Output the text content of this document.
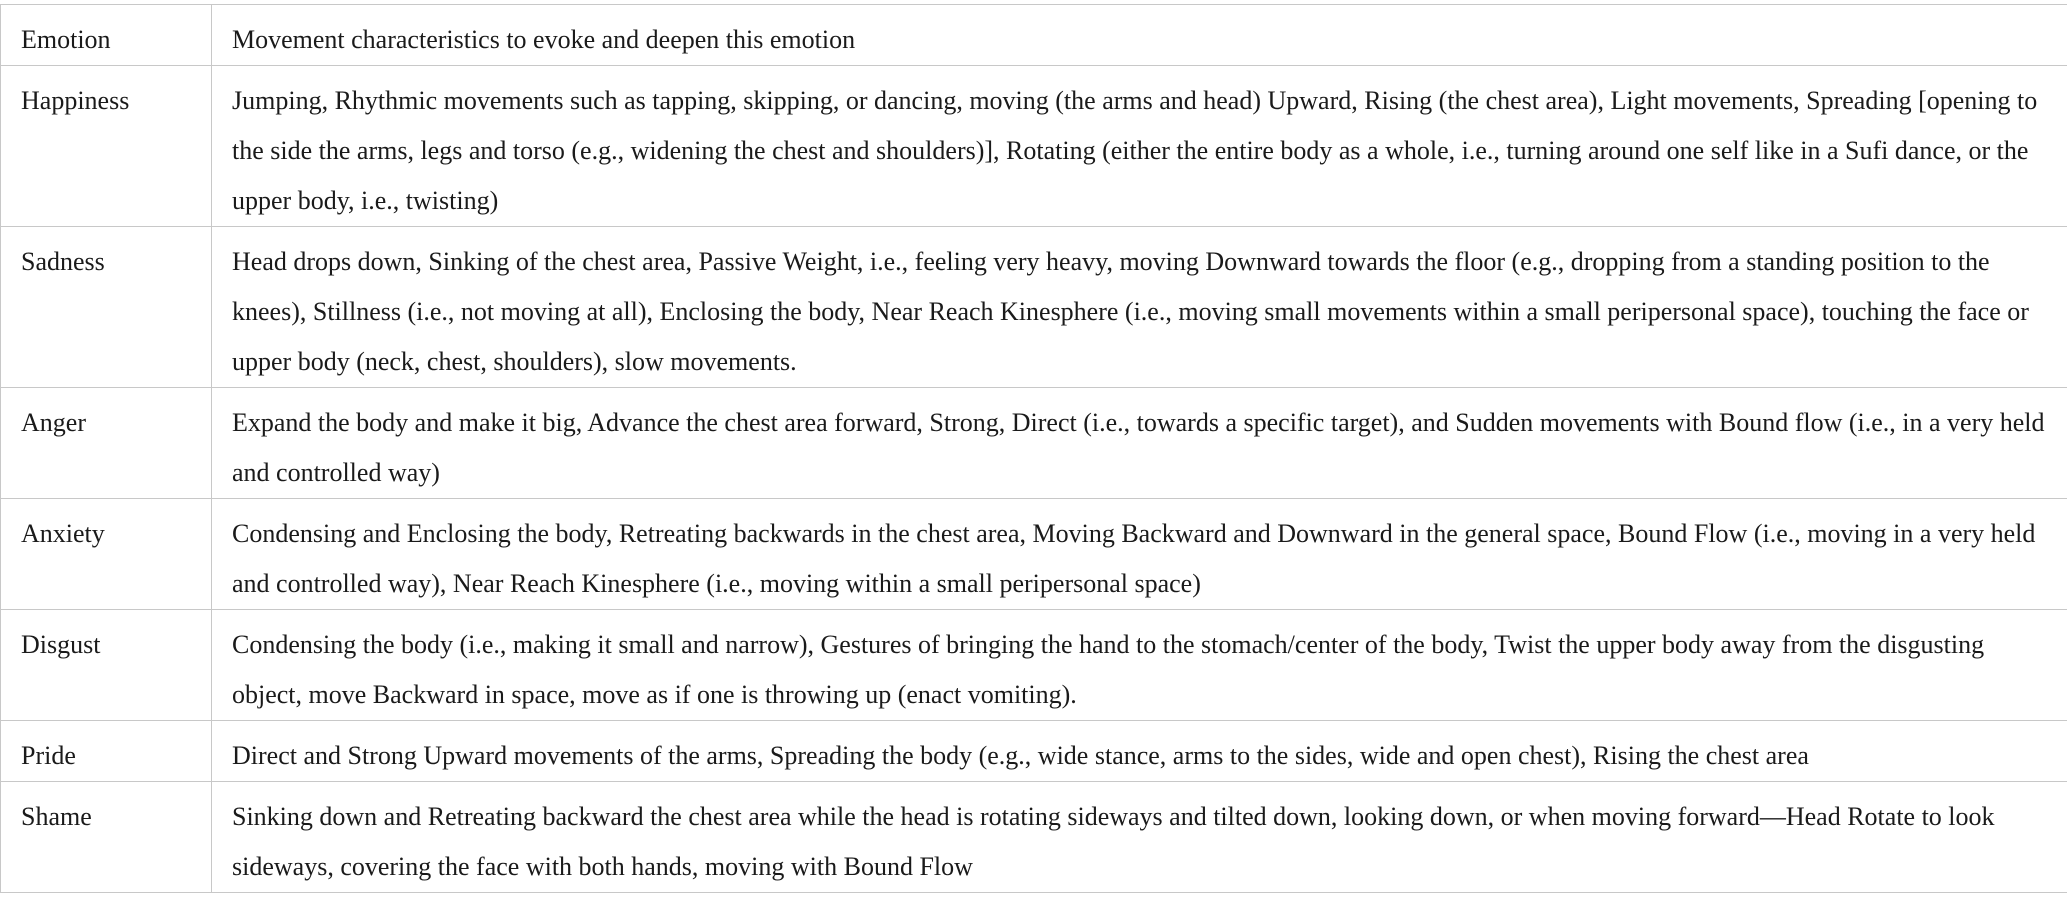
Emotion	Movement characteristics to evoke and deepen this emotion
Happiness	Jumping, Rhythmic movements such as tapping, skipping, or dancing, moving (the arms and head) Upward, Rising (the chest area), Light movements, Spreading [opening to the side the arms, legs and torso (e.g., widening the chest and shoulders)], Rotating (either the entire body as a whole, i.e., turning around one self like in a Sufi dance, or the upper body, i.e., twisting)
Sadness	Head drops down, Sinking of the chest area, Passive Weight, i.e., feeling very heavy, moving Downward towards the floor (e.g., dropping from a standing position to the knees), Stillness (i.e., not moving at all), Enclosing the body, Near Reach Kinesphere (i.e., moving small movements within a small peripersonal space), touching the face or upper body (neck, chest, shoulders), slow movements.
Anger	Expand the body and make it big, Advance the chest area forward, Strong, Direct (i.e., towards a specific target), and Sudden movements with Bound flow (i.e., in a very held and controlled way)
Anxiety	Condensing and Enclosing the body, Retreating backwards in the chest area, Moving Backward and Downward in the general space, Bound Flow (i.e., moving in a very held and controlled way), Near Reach Kinesphere (i.e., moving within a small peripersonal space)
Disgust	Condensing the body (i.e., making it small and narrow), Gestures of bringing the hand to the stomach/center of the body, Twist the upper body away from the disgusting object, move Backward in space, move as if one is throwing up (enact vomiting).
Pride	Direct and Strong Upward movements of the arms, Spreading the body (e.g., wide stance, arms to the sides, wide and open chest), Rising the chest area
Shame	Sinking down and Retreating backward the chest area while the head is rotating sideways and tilted down, looking down, or when moving forward—Head Rotate to look sideways, covering the face with both hands, moving with Bound Flow
